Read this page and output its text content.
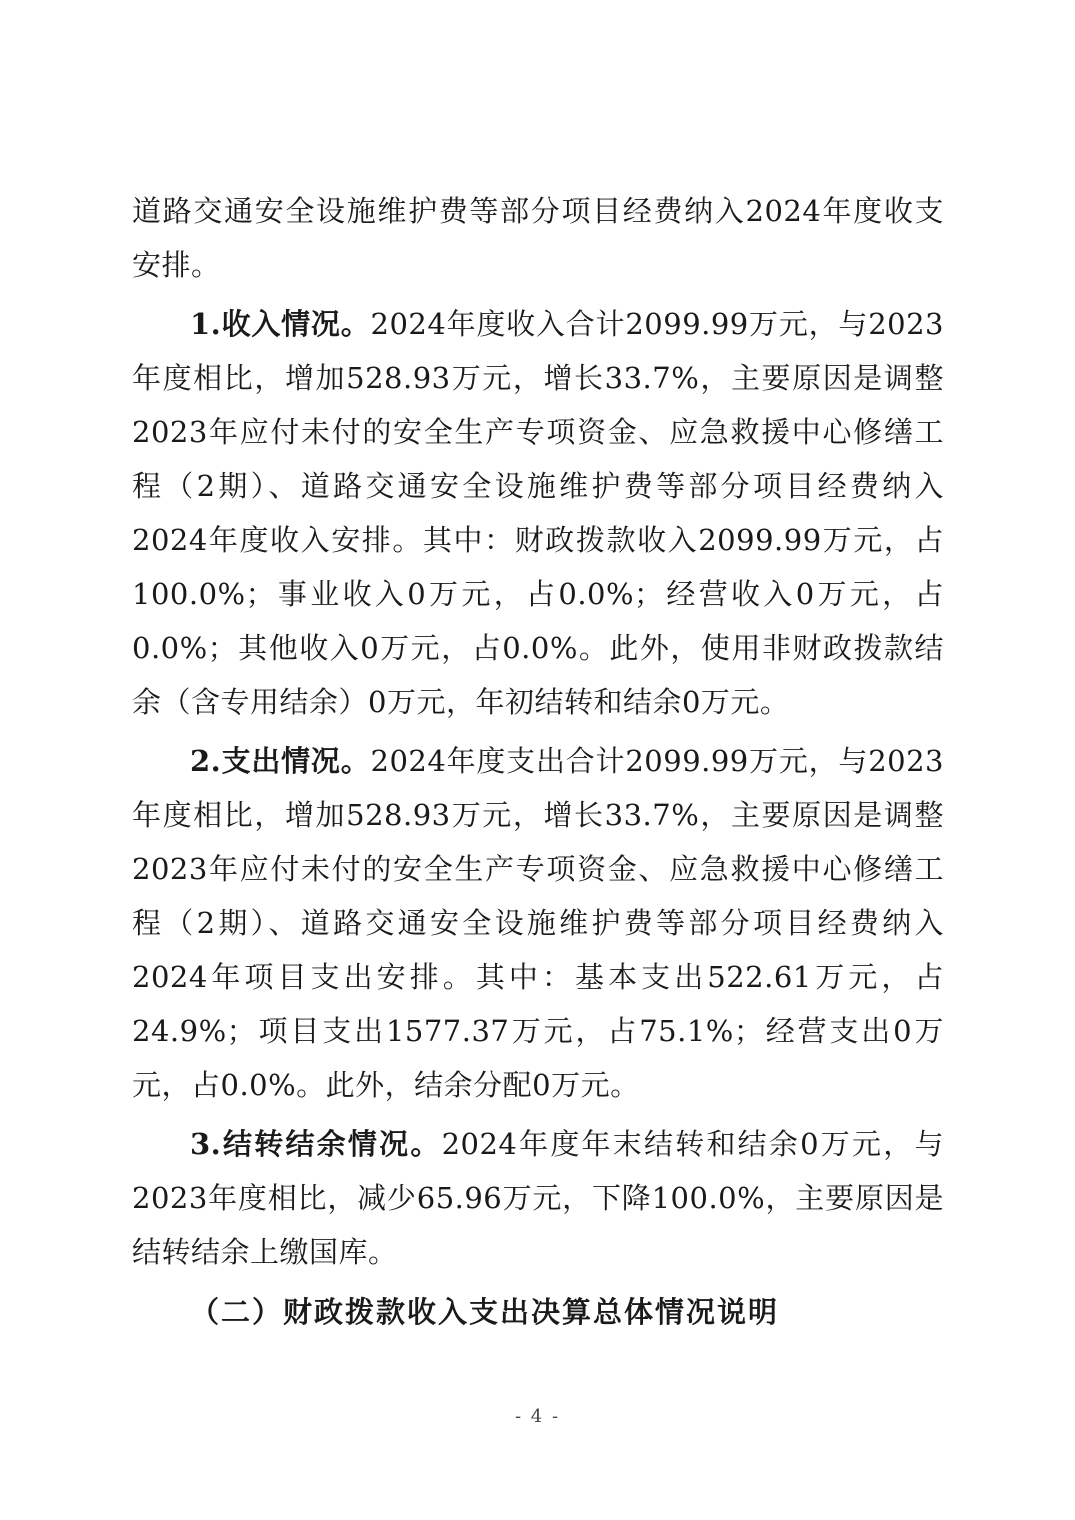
道路交通安全设施维护费等部分项目经费纳入2024年度收支安排。

1.收入情况。2024年度收入合计2099.99万元，与2023年度相比，增加528.93万元，增长33.7%，主要原因是调整2023年应付未付的安全生产专项资金、应急救援中心修缮工程（2期）、道路交通安全设施维护费等部分项目经费纳入2024年度收入安排。其中：财政拨款收入2099.99万元，占100.0%；事业收入0万元，占0.0%；经营收入0万元，占0.0%；其他收入0万元，占0.0%。此外，使用非财政拨款结余（含专用结余）0万元，年初结转和结余0万元。

2.支出情况。2024年度支出合计2099.99万元，与2023年度相比，增加528.93万元，增长33.7%，主要原因是调整2023年应付未付的安全生产专项资金、应急救援中心修缮工程（2期）、道路交通安全设施维护费等部分项目经费纳入2024年项目支出安排。其中：基本支出522.61万元，占24.9%；项目支出1577.37万元，占75.1%；经营支出0万元，占0.0%。此外，结余分配0万元。

3.结转结余情况。2024年度年末结转和结余0万元，与2023年度相比，减少65.96万元，下降100.0%，主要原因是结转结余上缴国库。

（二）财政拨款收入支出决算总体情况说明

- 4 -
